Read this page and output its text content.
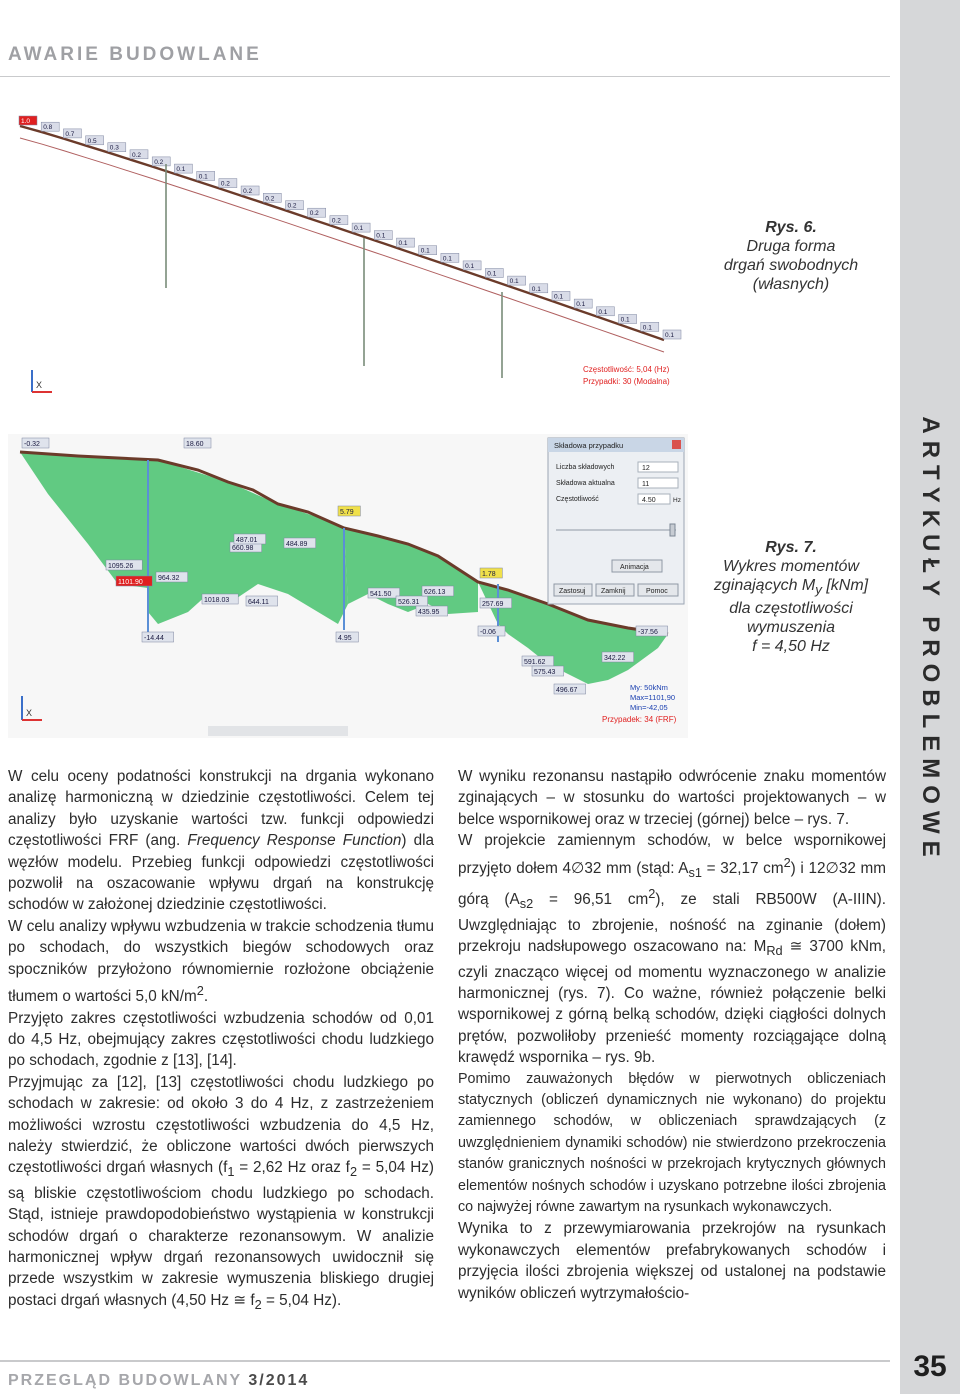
AWARIE BUDOWLANE
ARTYKUŁY PROBLEMOWE
35
1.0
0.8
0.7
0.5
0.3
0.2
0.2
0.1
0.1
0.2
0.2
0.2
0.2
0.2
0.2
0.1
0.1
0.1
0.1
0.1
0.1
0.1
0.1
0.1
0.1
0.1
0.1
0.1
0.1
0.1
X
Częstotliwość: 5,04 (Hz)
Przypadki: 30 (Modalna)
Rys. 6.
Druga forma
drgań swobodnych
(własnych)
-0.32	18.60
1095.26
1101.90
964.32
1018.03
660.98
487.01
644.11
484.89
5.79
541.50
526.31
435.95
626.13
1.78
257.69
-0.06
591.62
575.43
496.67
342.22
-37.56
-14.44	4.95
Składowa przypadku
Liczba składowych	12
Składowa aktualna	11
Częstotliwość	4.50	Hz
Animacja
Zastosuj Zamknij	Pomoc
My: 50kNm
Max=1101,90
Min=-42,05
Przypadek: 34 (FRF)
X
Rys. 7.
Wykres momentów
zginających $M_y$ [kNm]
dla częstotliwości
wymuszenia
f = 4,50 Hz

W celu oceny podatności konstrukcji na drgania wykonano analizę harmoniczną w dziedzinie częstotliwości. Celem tej analizy było uzyskanie wartości tzw. funkcji odpowiedzi częstotliwości FRF (ang. Frequency Response Function) dla węzłów modelu. Przebieg funkcji odpowiedzi częstotliwości pozwolił na oszacowanie wpływu drgań na konstrukcję schodów w założonej dziedzinie częstotliwości.

W celu analizy wpływu wzbudzenia w trakcie schodzenia tłumu po schodach, do wszystkich biegów schodowych oraz spoczników przyłożono równomiernie rozłożone obciążenie tłumem o wartości 5,0 $kN/m^2$.

Przyjęto zakres częstotliwości wzbudzenia schodów od 0,01 do 4,5 Hz, obejmujący zakres częstotliwości chodu ludzkiego po schodach, zgodnie z [13], [14].

Przyjmując za [12], [13] częstotliwości chodu ludzkiego po schodach w zakresie: od około 3 do 4 Hz, z zastrzeżeniem możliwości wzrostu częstotliwości wzbudzenia do 4,5 Hz, należy stwierdzić, że obliczone wartości dwóch pierwszych częstotliwości drgań własnych ($f_1 = 2,62$ Hz oraz $f_2 = 5,04$ Hz) są bliskie częstotliwościom chodu ludzkiego po schodach. Stąd, istnieje prawdopodobieństwo wystąpienia w konstrukcji schodów drgań o charakterze rezonansowym. W analizie harmonicznej wpływ drgań rezonansowych uwidocznił się przede wszystkim w zakresie wymuszenia bliskiego drugiej postaci drgań własnych (4,50 Hz ≅ $f_2 = 5,04$ Hz).

W wyniku rezonansu nastąpiło odwrócenie znaku momentów zginających – w stosunku do wartości projektowanych – w belce wspornikowej oraz w trzeciej (górnej) belce – rys. 7.

W projekcie zamiennym schodów, w belce wspornikowej przyjęto dołem 4∅32 mm (stąd: $A_{s1} = 32,17$ $cm^2$) i 12∅32 mm górą ($A_{s2} = 96,51$ $cm^2$), ze stali RB500W (A-IIIN). Uwzględniając to zbrojenie, nośność na zginanie (dołem) przekroju nadsłupowego oszacowano na: $M_{Rd}$ ≅ 3700 kNm, czyli znacząco więcej od momentu wyznaczonego w analizie harmonicznej (rys. 7). Co ważne, również połączenie belki wspornikowej z górną belką schodów, dzięki ciągłości dolnych prętów, pozwoliłoby przenieść momenty rozciągające dolną krawędź wspornika – rys. 9b.

Pomimo zauważonych błędów w pierwotnych obliczeniach statycznych (obliczeń dynamicznych nie wykonano) do projektu zamiennego schodów, w obliczeniach sprawdzających (z uwzględnieniem dynamiki schodów) nie stwierdzono przekroczenia stanów granicznych nośności w przekrojach krytycznych głównych elementów nośnych schodów i uzyskano potrzebne ilości zbrojenia co najwyżej równe zawartym na rysunkach wykonawczych.

Wynika to z przewymiarowania przekrojów na rysunkach wykonawczych elementów prefabrykowanych schodów i przyjęcia ilości zbrojenia większej od ustalonej na podstawie wyników obliczeń wytrzymałościo-

PRZEGLĄD BUDOWLANY 3/2014
